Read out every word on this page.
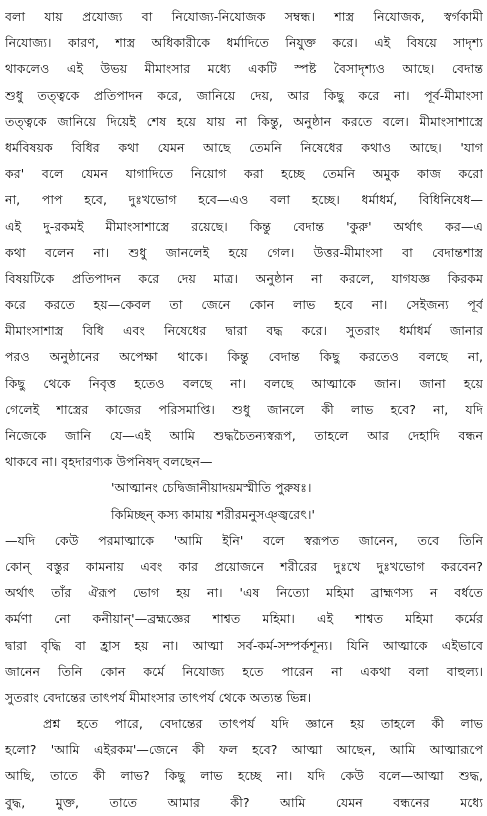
বলা যায় প্রযোজ্য বা নিযোজ্য-নিযোজক সম্বন্ধ। শাস্ত্র নিযোজক, স্বর্গকামী
নিযোজ্য। কারণ, শাস্ত্র অধিকারীকে ধর্মাদিতে নিযুক্ত করে। এই বিষয়ে সাদৃশ্য
থাকলেও এই উভয় মীমাংসার মধ্যে একটি স্পষ্ট বৈসাদৃশ্যও আছে। বেদান্ত
শুধু তত্ত্বকে প্রতিপাদন করে, জানিয়ে দেয়, আর কিছু করে না। পূর্ব-মীমাংসা
তত্ত্বকে জানিয়ে দিয়েই শেষ হয়ে যায় না কিন্তু, অনুষ্ঠান করতে বলে। মীমাংসাশাস্ত্রে
ধর্মবিষয়ক বিধির কথা যেমন আছে তেমনি নিষেধের কথাও আছে। 'যাগ
কর' বলে যেমন যাগাদিতে নিয়োগ করা হচ্ছে তেমনি অমুক কাজ করো
না, পাপ হবে, দুঃখভোগ হবে—এও বলা হচ্ছে। ধর্মাধর্ম, বিধিনিষেধ—
এই দু-রকমই মীমাংসাশাস্ত্রে রয়েছে। কিন্তু বেদান্ত 'কুরু' অর্থাৎ কর—এ
কথা বলেন না। শুধু জানলেই হয়ে গেল। উত্তর-মীমাংসা বা বেদান্তশাস্ত্র
বিষয়টিকে প্রতিপাদন করে দেয় মাত্র। অনুষ্ঠান না করলে, যাগযজ্ঞ কিরকম
করে করতে হয়—কেবল তা জেনে কোন লাভ হবে না। সেইজন্য পূর্ব
মীমাংসাশাস্ত্র বিধি এবং নিষেধের দ্বারা বদ্ধ করে। সুতরাং ধর্মাধর্ম জানার
পরও অনুষ্ঠানের অপেক্ষা থাকে। কিন্তু বেদান্ত কিছু করতেও বলছে না,
কিছু থেকে নিবৃত্ত হতেও বলছে না। বলছে আত্মাকে জান। জানা হয়ে
গেলেই শাস্ত্রের কাজের পরিসমাপ্তি। শুধু জানলে কী লাভ হবে? না, যদি
নিজেকে জানি যে—এই আমি শুদ্ধচৈতন্যস্বরূপ, তাহলে আর দেহাদি বন্ধন
থাকবে না। বৃহদারণ্যক উপনিষদ্ বলছেন—
'আত্মানং চেদ্বিজানীয়াদয়মস্মীতি পুরুষঃ।
কিমিচ্ছন্ কস্য কামায় শরীরমনুসঞ্জ্বরেৎ।'
—যদি কেউ পরমাত্মাকে 'আমি ইনি' বলে স্বরূপত জানেন, তবে তিনি
কোন্ বস্তুর কামনায় এবং কার প্রয়োজনে শরীরের দুঃখে দুঃখভোগ করবেন?
অর্থাৎ তাঁর ঐরূপ ভোগ হয় না। 'এষ নিত্যো মহিমা ব্রাহ্মণস্য ন বর্ধতে
কর্মণা নো কনীয়ান্'—ব্রহ্মজ্ঞের শাশ্বত মহিমা। এই শাশ্বত মহিমা কর্মের
দ্বারা বৃদ্ধি বা হ্রাস হয় না। আত্মা সর্ব-কর্ম-সম্পর্কশূন্য। যিনি আত্মাকে এইভাবে
জানেন তিনি কোন কর্মে নিযোজ্য হতে পারেন না একথা বলা বাহুল্য।
সুতরাং বেদান্তের তাৎপর্য মীমাংসার তাৎপর্য থেকে অত্যন্ত ভিন্ন।
প্রশ্ন হতে পারে, বেদান্তের তাৎপর্য যদি জ্ঞানে হয় তাহলে কী লাভ
হলো? 'আমি এইরকম'—জেনে কী ফল হবে? আত্মা আছেন, আমি আত্মারূপে
আছি, তাতে কী লাভ? কিছু লাভ হচ্ছে না। যদি কেউ বলে—আত্মা শুদ্ধ,
বুদ্ধ, মুক্ত, তাতে আমার কী? আমি যেমন বন্ধনের মধ্যে
